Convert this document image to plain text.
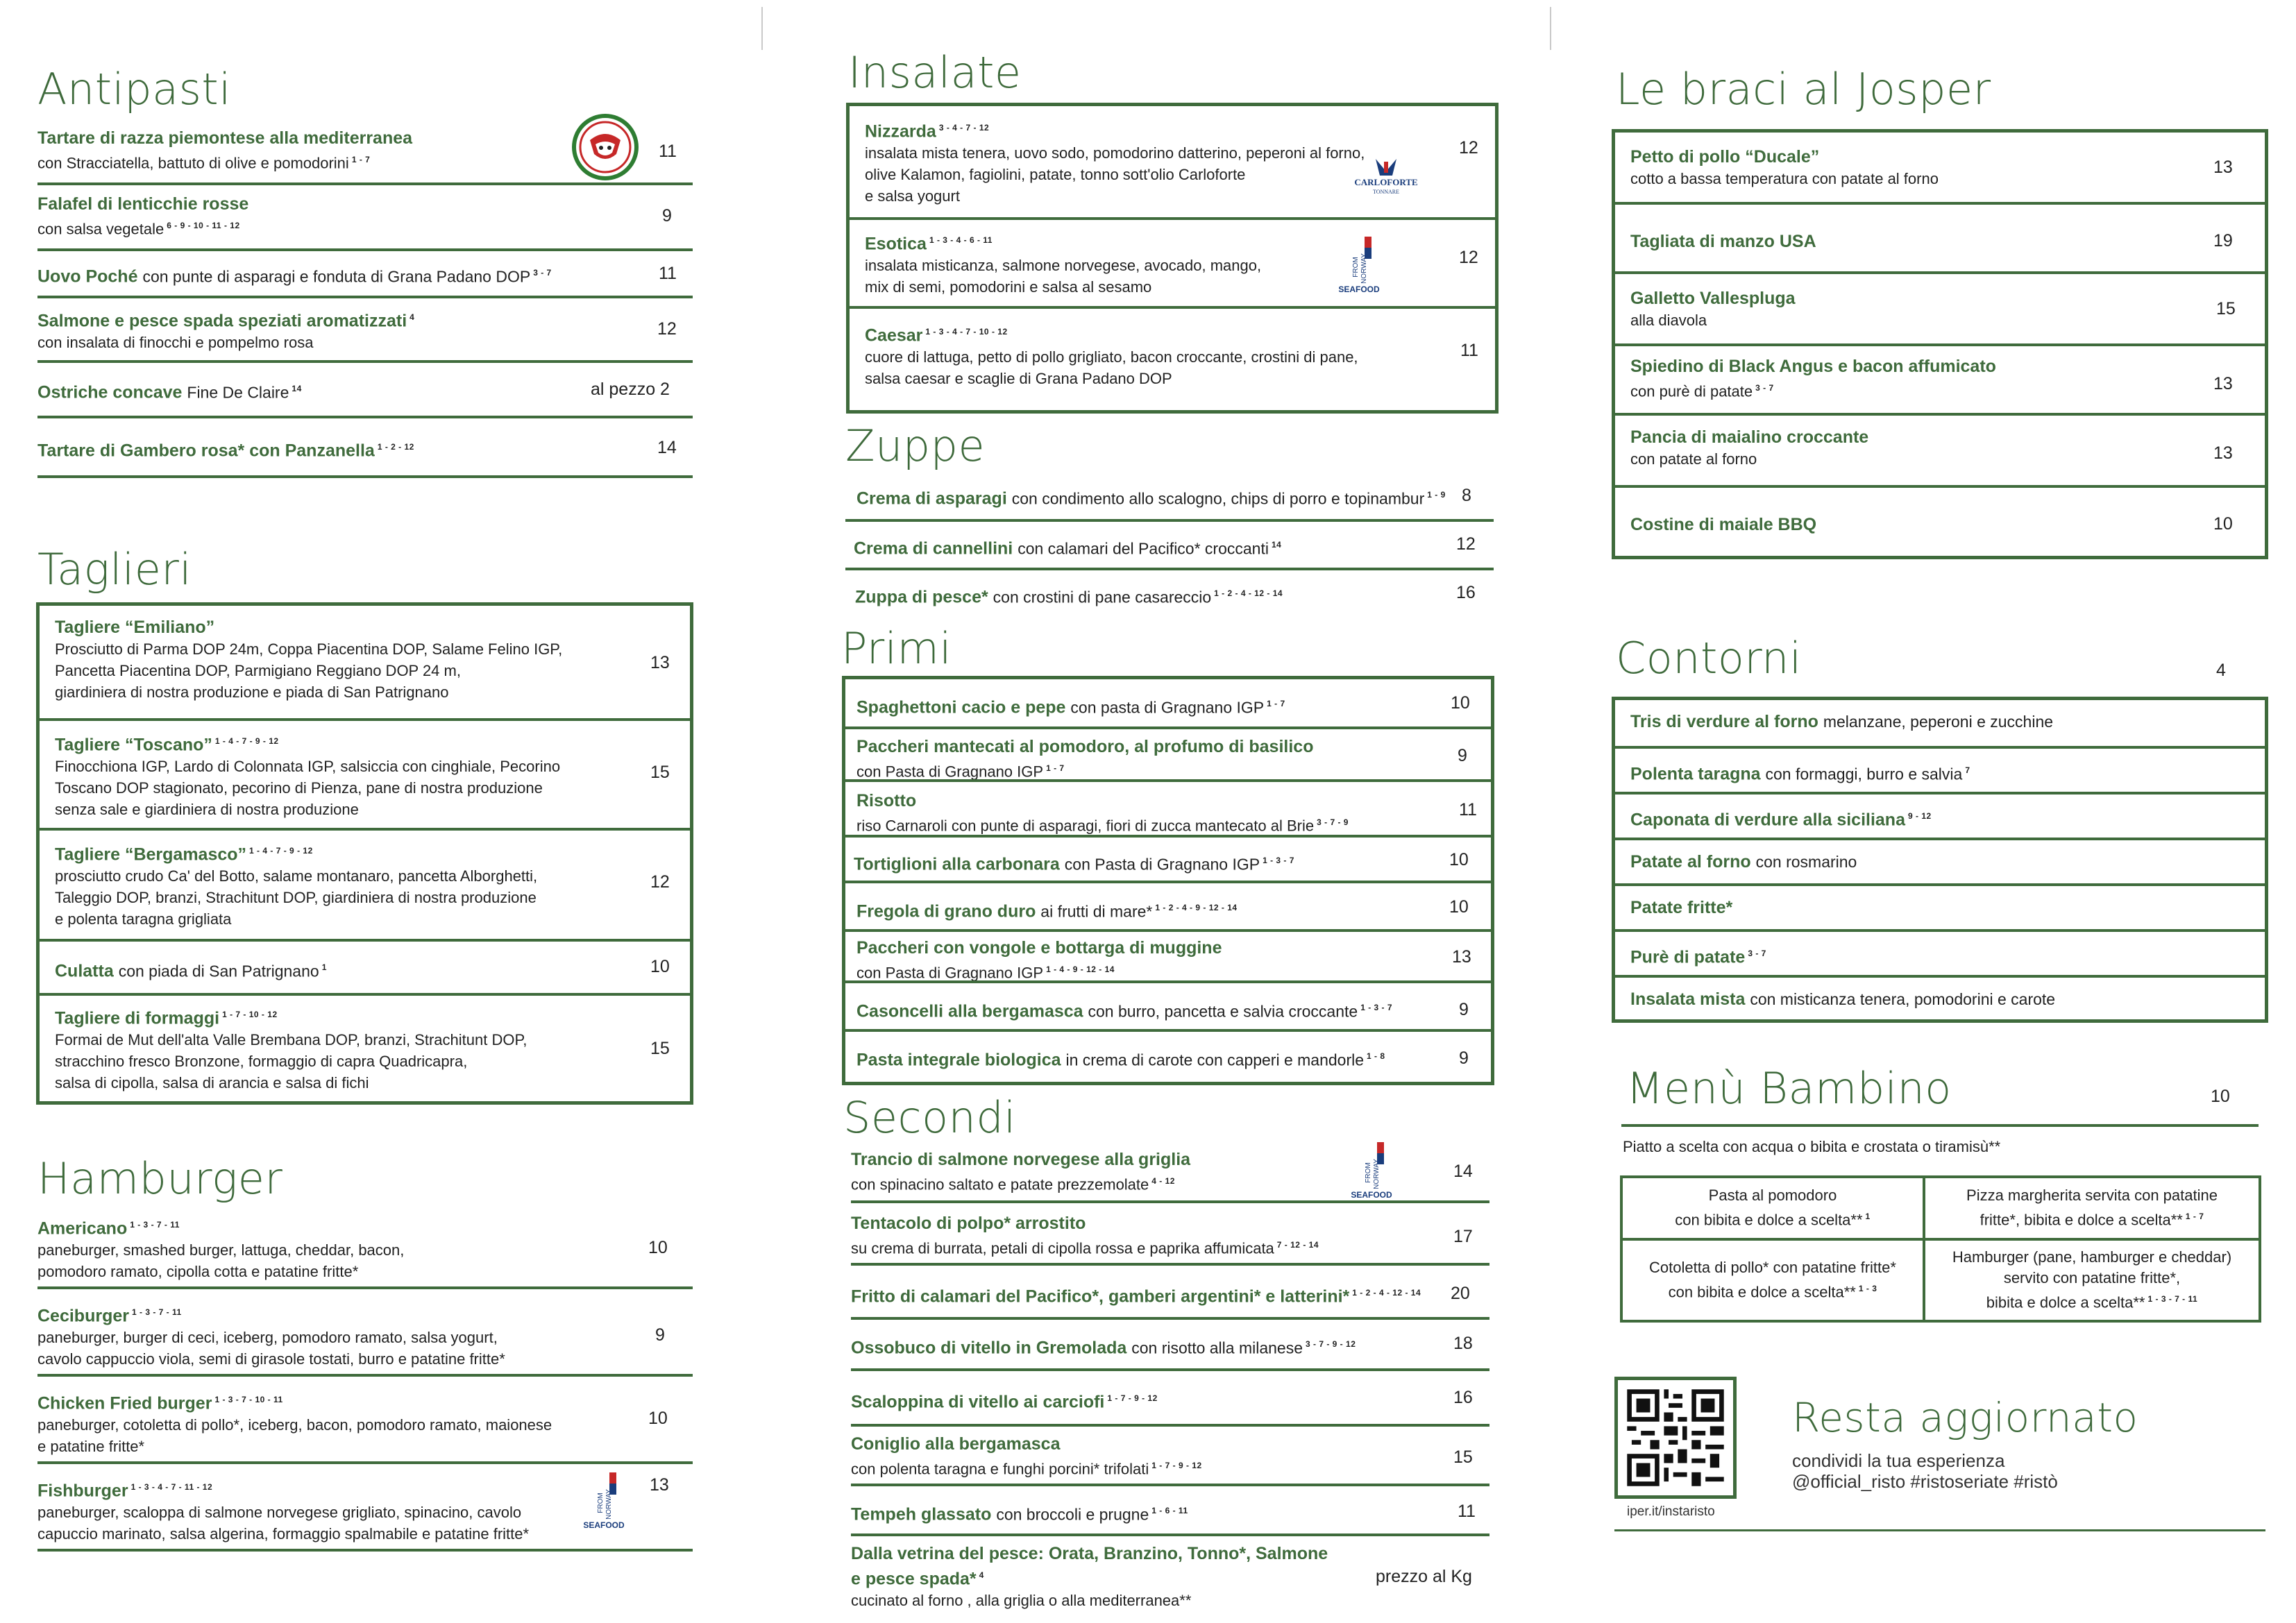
Antipasti
Tartare di razza piemontese alla mediterranea
con Stracciatella, battuto di olive e pomodorini $^{1 - 7}$	11
Falafel di lenticchie rosse
con salsa vegetale $^{6 - 9 - 10 - 11 - 12}$	9
Uovo Poché con punte di asparagi e fonduta di Grana Padano DOP $^{3 - 7}$	11
Salmone e pesce spada speziati aromatizzati $^4$
con insalata di finocchi e pompelmo rosa
12
Ostriche concave Fine De Claire $^{14}$	al pezzo 2
Tartare di Gambero rosa* con Panzanella $^{1 - 2 - 12}$	14
Taglieri
Tagliere “Emiliano”
Prosciutto di Parma DOP 24m, Coppa Piacentina DOP, Salame Felino IGP,
Pancetta Piacentina DOP, Parmigiano Reggiano DOP 24 m,
giardiniera di nostra produzione e piada di San Patrignano
13
Tagliere “Toscano” $^{1 - 4 - 7 - 9 - 12}$
Finocchiona IGP, Lardo di Colonnata IGP, salsiccia con cinghiale, Pecorino
Toscano DOP stagionato, pecorino di Pienza, pane di nostra produzione
senza sale e giardiniera di nostra produzione
15
Tagliere “Bergamasco” $^{1 - 4 - 7 - 9 - 12}$
prosciutto crudo Ca' del Botto, salame montanaro, pancetta Alborghetti,
Taleggio DOP, branzi, Strachitunt DOP, giardiniera di nostra produzione
e polenta taragna grigliata
12
Culatta con piada di San Patrignano $^1$	10
Tagliere di formaggi $^{1 - 7 - 10 - 12}$
Formai de Mut dell'alta Valle Brembana DOP, branzi, Strachitunt DOP,
stracchino fresco Bronzone, formaggio di capra Quadricapra,
salsa di cipolla, salsa di arancia e salsa di fichi
15
Hamburger
Americano $^{1 - 3 - 7 - 11}$
paneburger, smashed burger, lattuga, cheddar, bacon,
pomodoro ramato, cipolla cotta e patatine fritte*
10
Ceciburger $^{1 - 3 - 7 - 11}$
paneburger, burger di ceci, iceberg, pomodoro ramato, salsa yogurt,
cavolo cappuccio viola, semi di girasole tostati, burro e patatine fritte*
9
Chicken Fried burger $^{1 - 3 - 7 - 10 - 11}$
paneburger, cotoletta di pollo*, iceberg, bacon, pomodoro ramato, maionese
e patatine fritte*
10
Fishburger $^{1 - 3 - 4 - 7 - 11 - 12}$
paneburger, scaloppa di salmone norvegese grigliato, spinacino, cavolo
capuccio marinato, salsa algerina, formaggio spalmabile e patatine fritte*
SEAFOOD
FROM NORWAY
13
Insalate
Nizzarda $^{3 - 4 - 7 - 12}$
insalata mista tenera, uovo sodo, pomodorino datterino, peperoni al forno,
olive Kalamon, fagiolini, patate, tonno sott'olio Carloforte
e salsa yogurt
CARLOFORTE
TONNARE
12
Esotica $^{1 - 3 - 4 - 6 - 11}$
insalata misticanza, salmone norvegese, avocado, mango,
mix di semi, pomodorini e salsa al sesamo	SEAFOOD
FROM NORWAY	12
Caesar $^{1 - 3 - 4 - 7 - 10 - 12}$
cuore di lattuga, petto di pollo grigliato, bacon croccante, crostini di pane,
salsa caesar e scaglie di Grana Padano DOP
11
Zuppe
Crema di asparagi con condimento allo scalogno, chips di porro e topinambur $^{1 - 9}$ 8
Crema di cannellini con calamari del Pacifico* croccanti $^{14}$	12
Zuppa di pesce* con crostini di pane casareccio $^{1 - 2 - 4 - 12 - 14}$	16
Primi
Spaghettoni cacio e pepe con pasta di Gragnano IGP $^{1 - 7}$	10
Paccheri mantecati al pomodoro, al profumo di basilico
con Pasta di Gragnano IGP $^{1 - 7}$
9
Risotto
riso Carnaroli con punte di asparagi, fiori di zucca mantecato al Brie $^{3 - 7 - 9}$
11
Tortiglioni alla carbonara con Pasta di Gragnano IGP $^{1 - 3 - 7}$	10
Fregola di grano duro ai frutti di mare* $^{1 - 2 - 4 - 9 - 12 - 14}$	10
Paccheri con vongole e bottarga di muggine
con Pasta di Gragnano IGP $^{1 - 4 - 9 - 12 - 14}$
13
Casoncelli alla bergamasca con burro, pancetta e salvia croccante $^{1 - 3 - 7}$	9
Pasta integrale biologica in crema di carote con capperi e mandorle $^{1 - 8}$	9
Secondi
Trancio di salmone norvegese alla griglia
con spinacino saltato e patate prezzemolate $^{4 - 12}$
SEAFOOD
FROM NORWAY	14
Tentacolo di polpo* arrostito
su crema di burrata, petali di cipolla rossa e paprika affumicata $^{7 - 12 - 14}$	17
Fritto di calamari del Pacifico*, gamberi argentini* e latterini* $^{1 - 2 - 4 - 12 - 14}$ 20
Ossobuco di vitello in Gremolada con risotto alla milanese $^{3 - 7 - 9 - 12}$	18
Scaloppina di vitello ai carciofi $^{1 - 7 - 9 - 12}$	16
Coniglio alla bergamasca
con polenta taragna e funghi porcini* trifolati $^{1 - 7 - 9 - 12}$	15
Tempeh glassato con broccoli e prugne $^{1 - 6 - 11}$	11
Dalla vetrina del pesce: Orata, Branzino, Tonno*, Salmone
e pesce spada* $^4$
cucinato al forno , alla griglia o alla mediterranea**
prezzo al Kg
Le braci al Josper
Petto di pollo “Ducale”
cotto a bassa temperatura con patate al forno
13
Tagliata di manzo USA	19
Galletto Vallespluga
alla diavola
15
Spiedino di Black Angus e bacon affumicato
con purè di patate $^{3 - 7}$	13
Pancia di maialino croccante
con patate al forno	13
Costine di maiale BBQ	10
Contorni	4
Tris di verdure al forno melanzane, peperoni e zucchine
Polenta taragna con formaggi, burro e salvia $^7$
Caponata di verdure alla siciliana $^{9 - 12}$
Patate al forno con rosmarino
Patate fritte*
Purè di patate $^{3 - 7}$
Insalata mista con misticanza tenera, pomodorini e carote
Menù Bambino	10
Piatto a scelta con acqua o bibita e crostata o tiramisù**
Pasta al pomodoro
con bibita e dolce a scelta** $^1$
Pizza margherita servita con patatine
fritte*, bibita e dolce a scelta** $^{1 - 7}$
Cotoletta di pollo* con patatine fritte*
con bibita e dolce a scelta** $^{1 - 3}$
Hamburger (pane, hamburger e cheddar)
servito con patatine fritte*,
bibita e dolce a scelta** $^{1 - 3 - 7 - 11}$
iper.it/instaristo
Resta aggiornato
condividi la tua esperienza
@official_risto #ristoseriate #ristò
